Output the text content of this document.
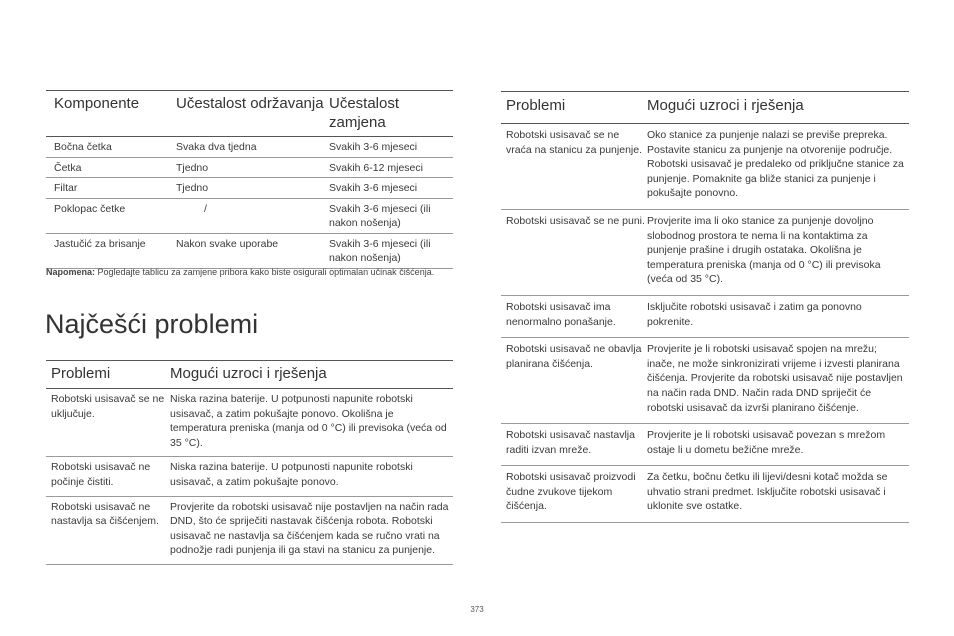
Komponente	Učestalost održavanja	Učestalost zamjena
Bočna četka	Svaka dva tjedna	Svakih 3-6 mjeseci
Četka	Tjedno	Svakih 6-12 mjeseci
Filtar	Tjedno	Svakih 3-6 mjeseci
Poklopac četke	/	Svakih 3-6 mjeseci (ili nakon nošenja)
Jastučić za brisanje	Nakon svake uporabe	Svakih 3-6 mjeseci (ili nakon nošenja)
Napomena: Pogledajte tablicu za zamjene pribora kako biste osigurali optimalan učinak čišćenja.
Najčešći problemi
Problemi	Mogući uzroci i rješenja
Robotski usisavač se ne uključuje.	Niska razina baterije. U potpunosti napunite robotski usisavač, a zatim pokušajte ponovo. Okolišna je temperatura preniska (manja od 0 °C) ili previsoka (veća od 35 °C).
Robotski usisavač ne počinje čistiti.	Niska razina baterije. U potpunosti napunite robotski usisavač, a zatim pokušajte ponovo.
Robotski usisavač ne nastavlja sa čišćenjem.	Provjerite da robotski usisavač nije postavljen na način rada DND, što će spriječiti nastavak čišćenja robota. Robotski usisavač ne nastavlja sa čišćenjem kada se ručno vrati na podnožje radi punjenja ili ga stavi na stanicu za punjenje.
Problemi	Mogući uzroci i rješenja
Robotski usisavač se ne vraća na stanicu za punjenje.	Oko stanice za punjenje nalazi se previše prepreka. Postavite stanicu za punjenje na otvorenije područje. Robotski usisavač je predaleko od priključne stanice za punjenje. Pomaknite ga bliže stanici za punjenje i pokušajte ponovno.
Robotski usisavač se ne puni.	Provjerite ima li oko stanice za punjenje dovoljno slobodnog prostora te nema li na kontaktima za punjenje prašine i drugih ostataka. Okolišna je temperatura preniska (manja od 0 °C) ili previsoka (veća od 35 °C).
Robotski usisavač ima nenormalno ponašanje.	Isključite robotski usisavač i zatim ga ponovno pokrenite.
Robotski usisavač ne obavlja planirana čišćenja.	Provjerite je li robotski usisavač spojen na mrežu; inače, ne može sinkronizirati vrijeme i izvesti planirana čišćenja. Provjerite da robotski usisavač nije postavljen na način rada DND. Način rada DND spriječit će robotski usisavač da izvrši planirano čišćenje.
Robotski usisavač nastavlja raditi izvan mreže.	Provjerite je li robotski usisavač povezan s mrežom ostaje li u dometu bežične mreže.
Robotski usisavač proizvodi čudne zvukove tijekom čišćenja.	Za četku, bočnu četku ili lijevi/desni kotač možda se uhvatio strani predmet. Isključite robotski usisavač i uklonite sve ostatke.
373
